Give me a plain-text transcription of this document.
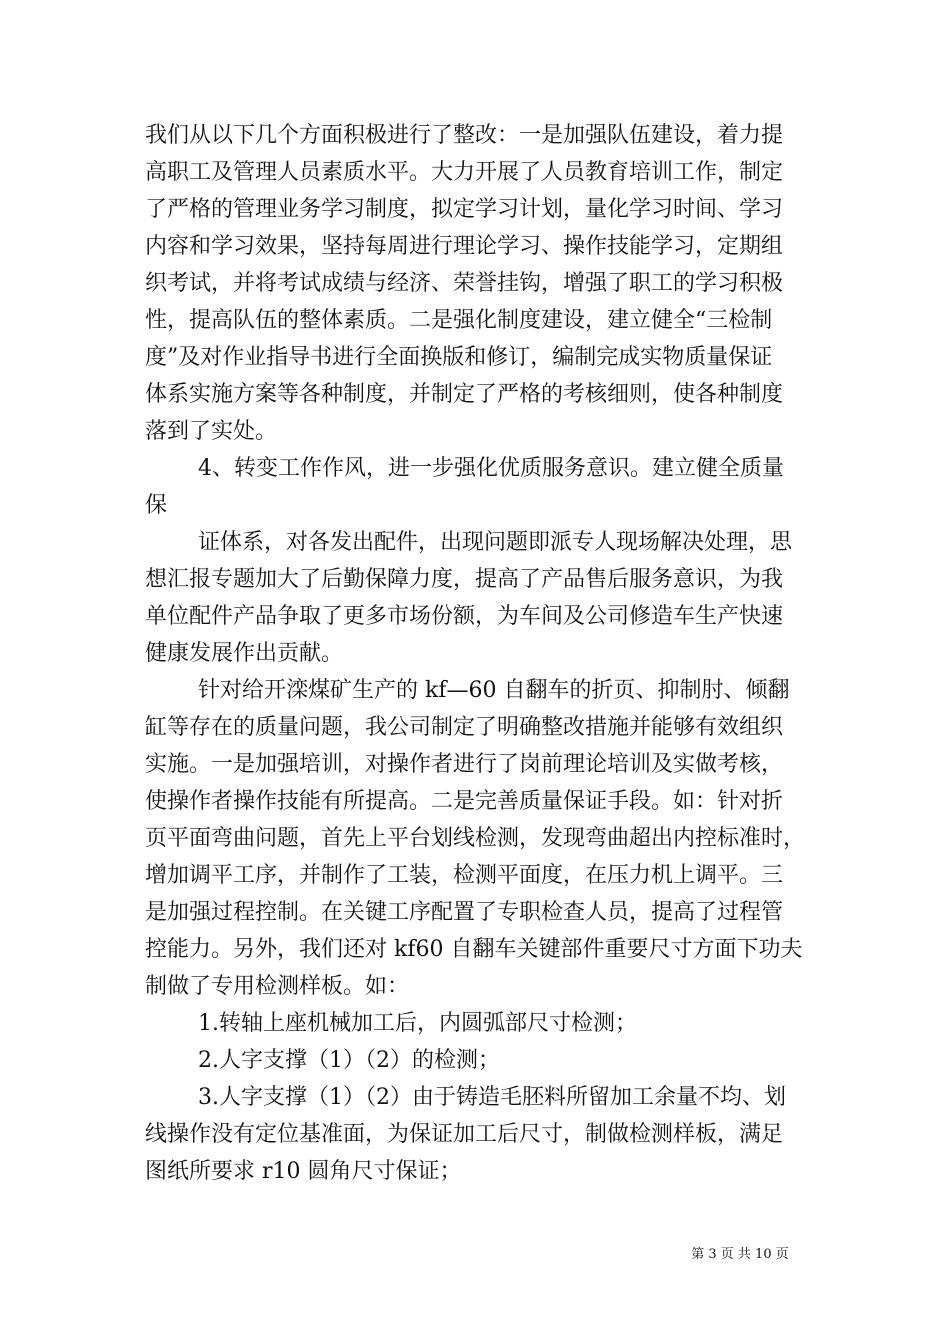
我们从以下几个方面积极进行了整改：一是加强队伍建设，着力提
高职工及管理人员素质水平。大力开展了人员教育培训工作，制定
了严格的管理业务学习制度，拟定学习计划，量化学习时间、学习
内容和学习效果，坚持每周进行理论学习、操作技能学习，定期组
织考试，并将考试成绩与经济、荣誉挂钩，增强了职工的学习积极
性，提高队伍的整体素质。二是强化制度建设，建立健全“三检制
度”及对作业指导书进行全面换版和修订，编制完成实物质量保证
体系实施方案等各种制度，并制定了严格的考核细则，使各种制度
落到了实处。
4、转变工作作风，进一步强化优质服务意识。建立健全质量
保
证体系，对各发出配件，出现问题即派专人现场解决处理，思
想汇报专题加大了后勤保障力度，提高了产品售后服务意识，为我
单位配件产品争取了更多市场份额，为车间及公司修造车生产快速
健康发展作出贡献。
针对给开滦煤矿生产的 kf—60 自翻车的折页、抑制肘、倾翻
缸等存在的质量问题，我公司制定了明确整改措施并能够有效组织
实施。一是加强培训，对操作者进行了岗前理论培训及实做考核，
使操作者操作技能有所提高。二是完善质量保证手段。如：针对折
页平面弯曲问题，首先上平台划线检测，发现弯曲超出内控标准时，
增加调平工序，并制作了工装，检测平面度，在压力机上调平。三
是加强过程控制。在关键工序配置了专职检查人员，提高了过程管
控能力。另外，我们还对 kf60 自翻车关键部件重要尺寸方面下功夫
制做了专用检测样板。如：
1.转轴上座机械加工后，内圆弧部尺寸检测；
2.人字支撑（1）（2）的检测；
3.人字支撑（1）（2）由于铸造毛胚料所留加工余量不均、划
线操作没有定位基准面，为保证加工后尺寸，制做检测样板，满足
图纸所要求 r10 圆角尺寸保证；
第 3 页 共 10 页
